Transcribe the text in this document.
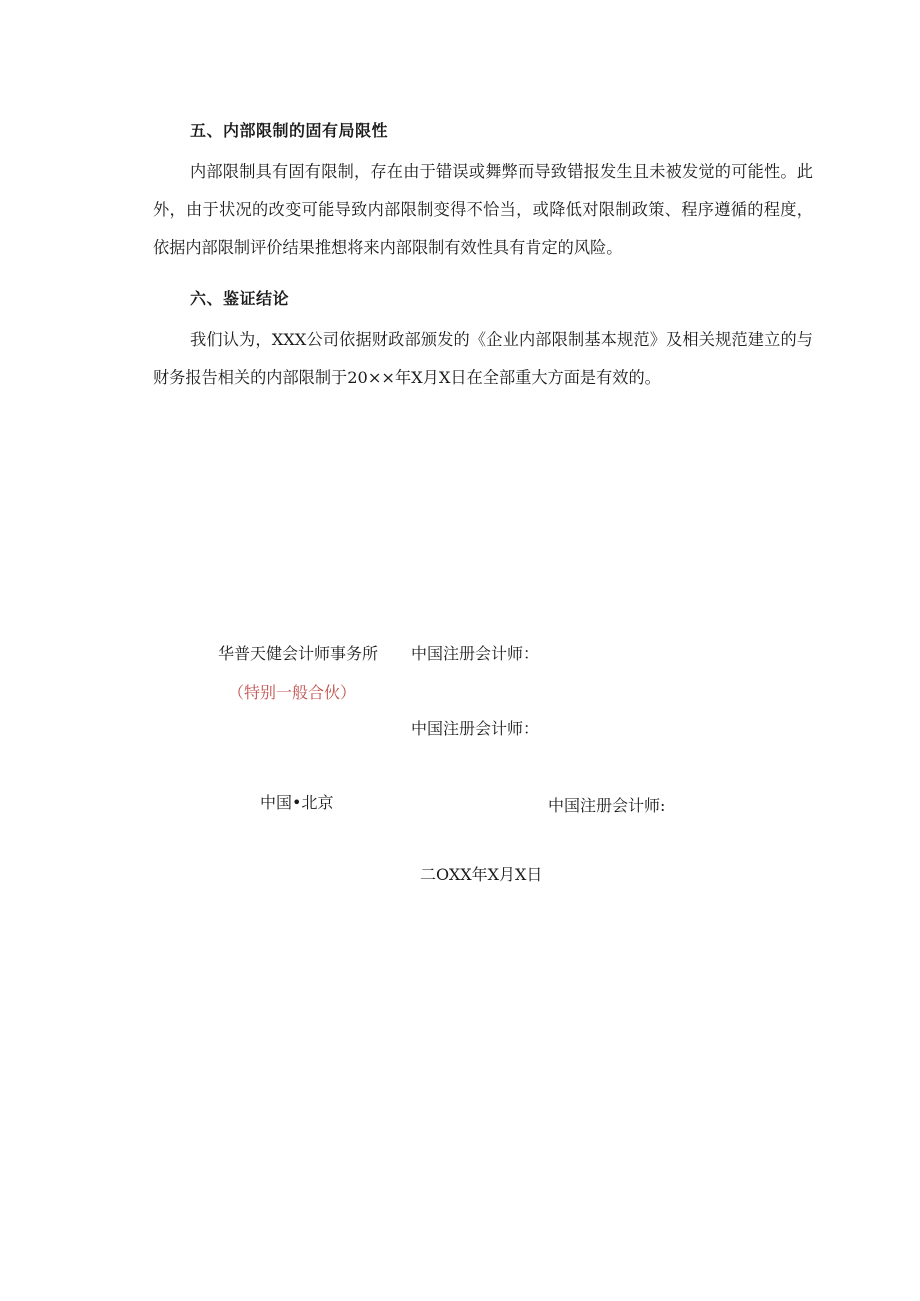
五、内部限制的固有局限性

内部限制具有固有限制，存在由于错误或舞弊而导致错报发生且未被发觉的可能性。此外，由于状况的改变可能导致内部限制变得不恰当，或降低对限制政策、程序遵循的程度，依据内部限制评价结果推想将来内部限制有效性具有肯定的风险。

六、鉴证结论

我们认为，XXX公司依据财政部颁发的《企业内部限制基本规范》及相关规范建立的与财务报告相关的内部限制于20××年X月X日在全部重大方面是有效的。

华普天健会计师事务所 中国注册会计师：
（特别一般合伙）
中国注册会计师：
中国•北京	中国注册会计师:
二OXX年X月X日
